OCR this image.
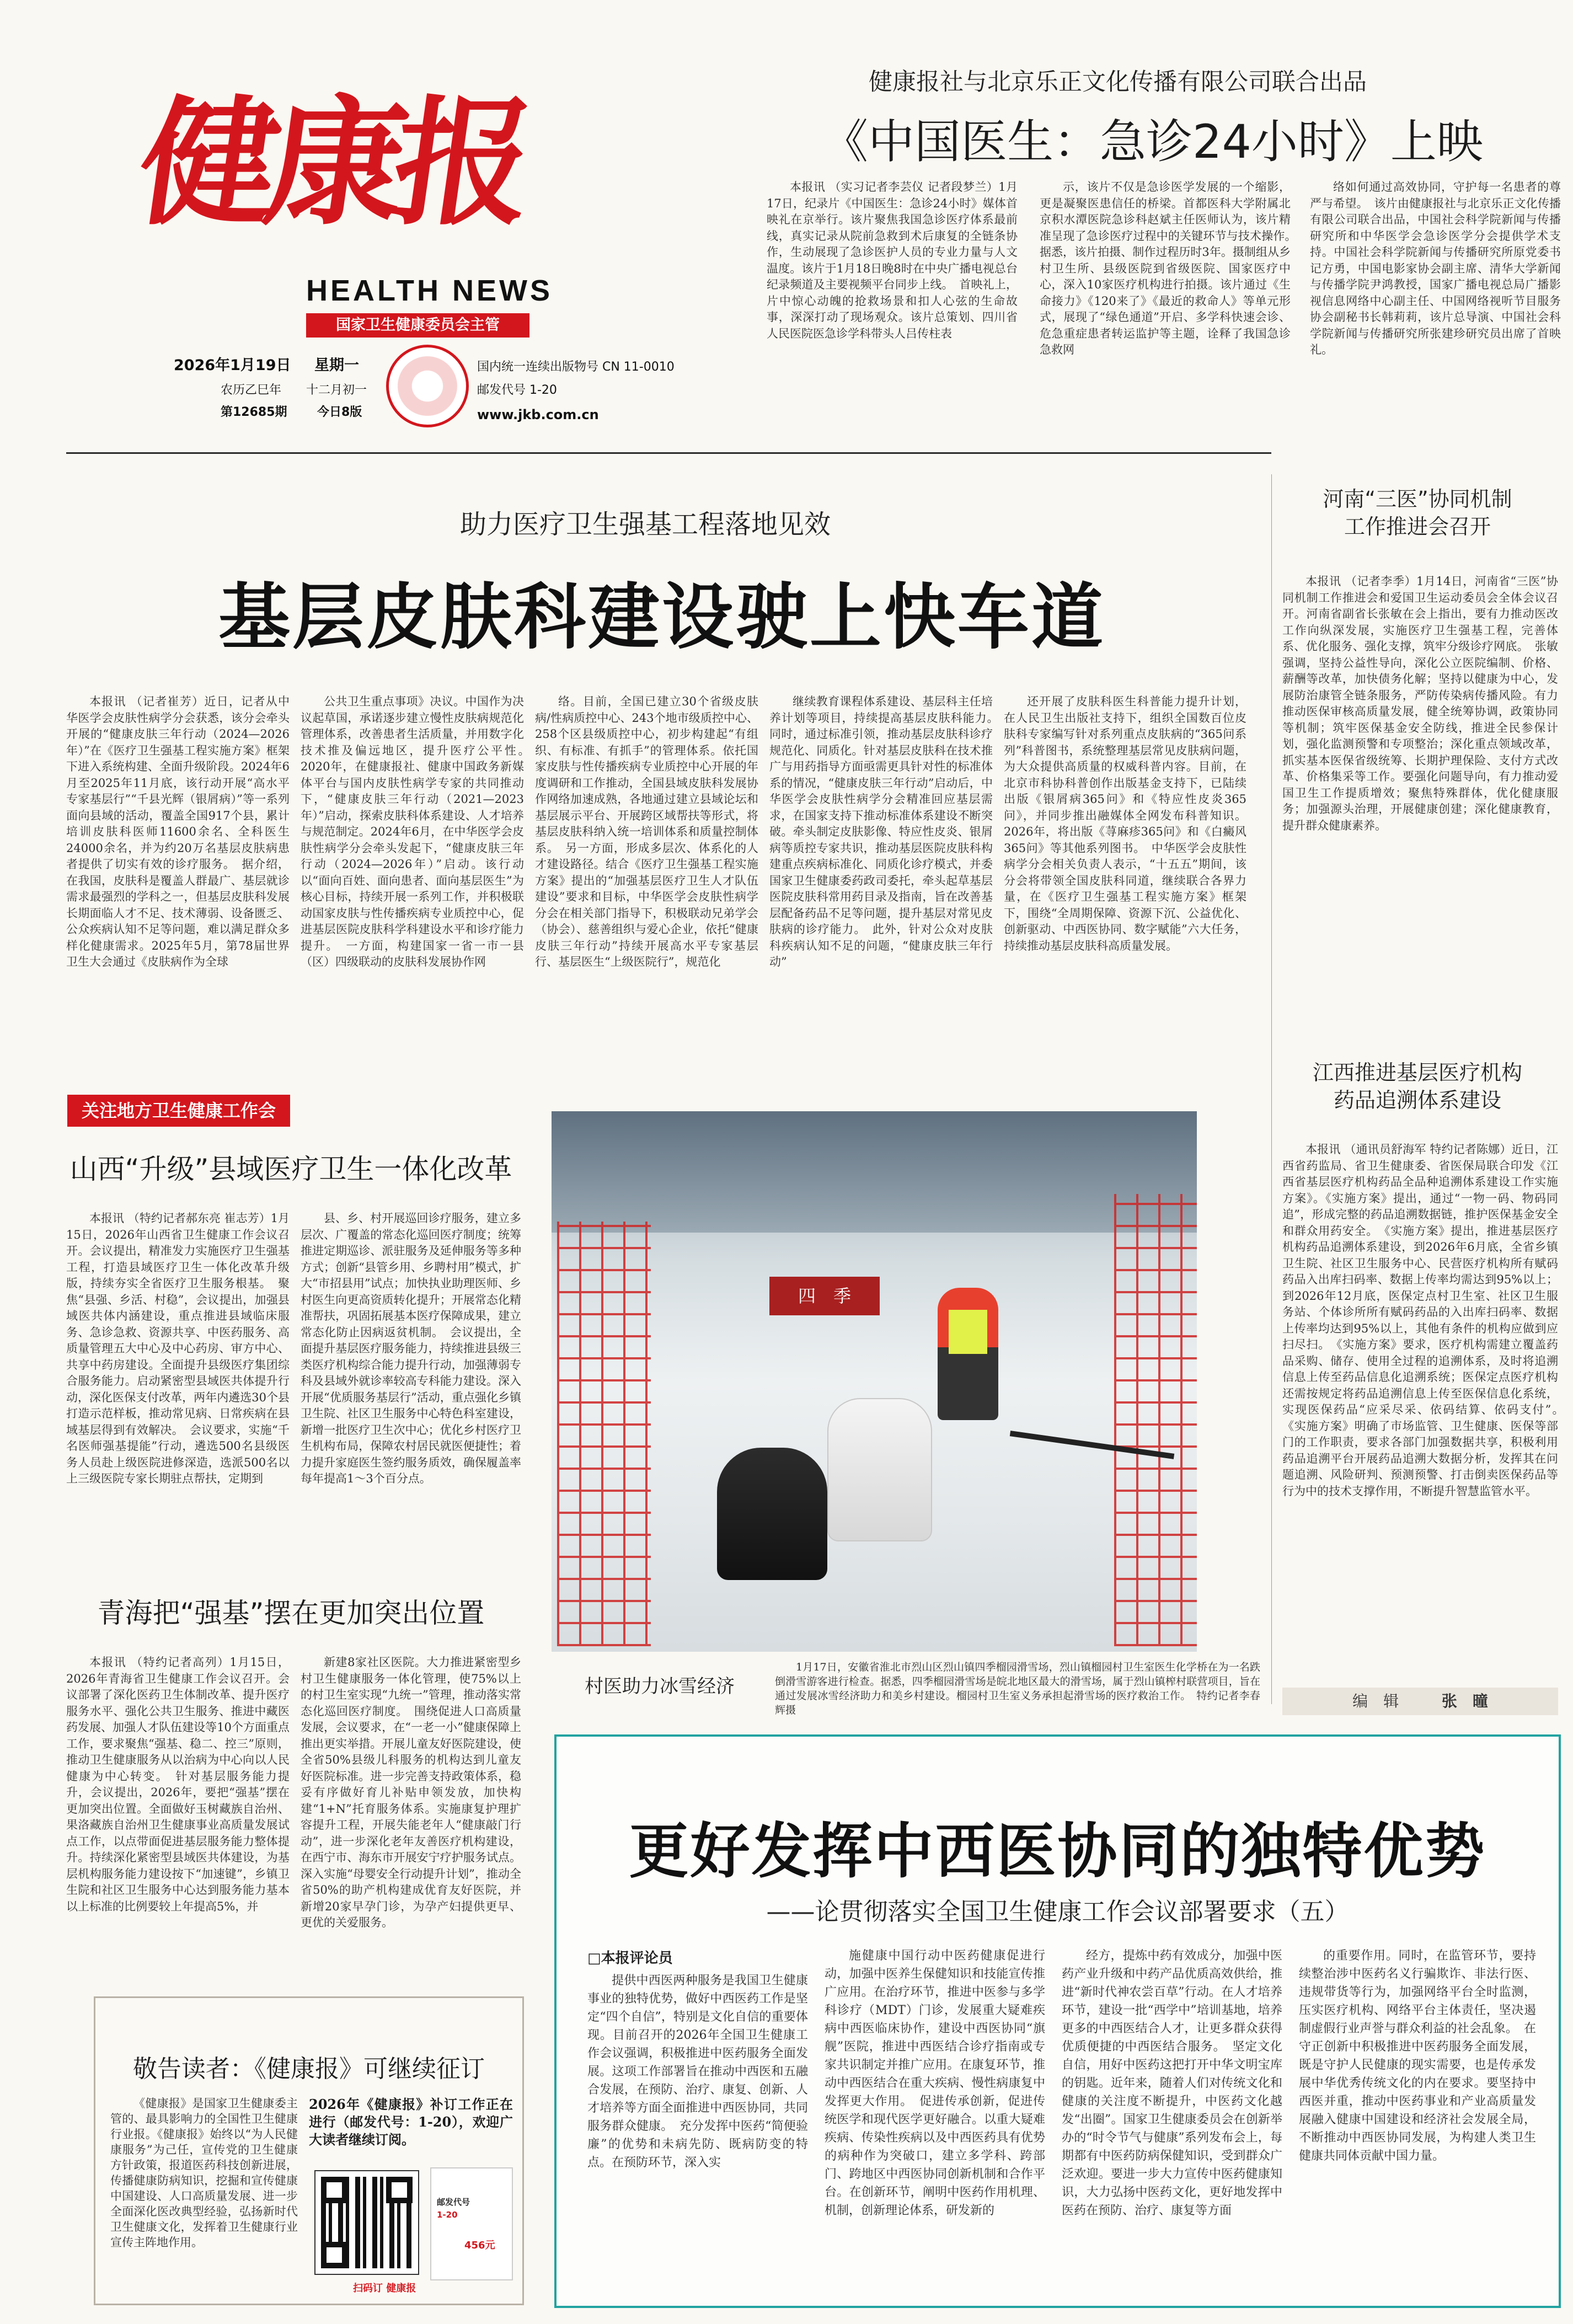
健康报
HEALTH NEWS
国家卫生健康委员会主管
2026年1月19日 星期一
农历乙巳年 十二月初一
第12685期 今日8版
国内统一连续出版物号 CN 11-0010
邮发代号 1-20
www.jkb.com.cn
健康报社与北京乐正文化传播有限公司联合出品
《中国医生：急诊24小时》上映

本报讯 （实习记者李芸仪 记者段梦兰）1月17日，纪录片《中国医生：急诊24小时》媒体首映礼在京举行。该片聚焦我国急诊医疗体系最前线，真实记录从院前急救到术后康复的全链条协作，生动展现了急诊医护人员的专业力量与人文温度。该片于1月18日晚8时在中央广播电视总台纪录频道及主要视频平台同步上线。　首映礼上，片中惊心动魄的抢救场景和扣人心弦的生命故事，深深打动了现场观众。该片总策划、四川省人民医院医急诊学科带头人吕传柱表

示，该片不仅是急诊医学发展的一个缩影，更是凝聚医患信任的桥梁。首都医科大学附属北京积水潭医院急诊科赵斌主任医师认为，该片精准呈现了急诊医疗过程中的关键环节与技术操作。　据悉，该片拍摄、制作过程历时3年。摄制组从乡村卫生所、县级医院到省级医院、国家医疗中心，深入10家医疗机构进行拍摄。该片通过《生命接力》《120来了》《最近的救命人》等单元形式，展现了“绿色通道”开启、多学科快速会诊、危急重症患者转运监护等主题，诠释了我国急诊急救网

络如何通过高效协同，守护每一名患者的尊严与希望。　该片由健康报社与北京乐正文化传播有限公司联合出品，中国社会科学院新闻与传播研究所和中华医学会急诊医学分会提供学术支持。中国社会科学院新闻与传播研究所原党委书记方勇，中国电影家协会副主席、清华大学新闻与传播学院尹鸿教授，国家广播电视总局广播影视信息网络中心副主任、中国网络视听节目服务协会副秘书长韩莉莉，该片总导演、中国社会科学院新闻与传播研究所张建珍研究员出席了首映礼。

助力医疗卫生强基工程落地见效
基层皮肤科建设驶上快车道

本报讯 （记者崔芳）近日，记者从中华医学会皮肤性病学分会获悉，该分会牵头开展的“健康皮肤三年行动（2024—2026年）”在《医疗卫生强基工程实施方案》框架下进入系统构建、全面升级阶段。2024年6月至2025年11月底，该行动开展“高水平专家基层行”“千县光辉（银屑病）”等一系列面向县域的活动，覆盖全国917个县，累计培训皮肤科医师11600余名、全科医生24000余名，并为约20万名基层皮肤病患者提供了切实有效的诊疗服务。　据介绍，在我国，皮肤科是覆盖人群最广、基层就诊需求最强烈的学科之一，但基层皮肤科发展长期面临人才不足、技术薄弱、设备匮乏、公众疾病认知不足等问题，难以满足群众多样化健康需求。2025年5月，第78届世界卫生大会通过《皮肤病作为全球

公共卫生重点事项》决议。中国作为决议起草国，承诺逐步建立慢性皮肤病规范化管理体系，改善患者生活质量，并用数字化技术推及偏远地区，提升医疗公平性。　2020年，在健康报社、健康中国政务新媒体平台与国内皮肤性病学专家的共同推动下，“健康皮肤三年行动（2021—2023年）”启动，探索皮肤科体系建设、人才培养与规范制定。2024年6月，在中华医学会皮肤性病学分会牵头发起下，“健康皮肤三年行动（2024—2026年）”启动。该行动以“面向百姓、面向患者、面向基层医生”为核心目标，持续开展一系列工作，并积极联动国家皮肤与性传播疾病专业质控中心，促进基层医院皮肤科学科建设水平和诊疗能力提升。　一方面，构建国家一省一市一县（区）四级联动的皮肤科发展协作网

络。目前，全国已建立30个省级皮肤病/性病质控中心、243个地市级质控中心、258个区县级质控中心，初步构建起“有组织、有标准、有抓手”的管理体系。依托国家皮肤与性传播疾病专业质控中心开展的年度调研和工作推动，全国县域皮肤科发展协作网络加速成熟，各地通过建立县域论坛和基层展示平台、开展跨区域帮扶等形式，将基层皮肤科纳入统一培训体系和质量控制体系。　另一方面，形成多层次、体系化的人才建设路径。结合《医疗卫生强基工程实施方案》提出的“加强基层医疗卫生人才队伍建设”要求和目标，中华医学会皮肤性病学分会在相关部门指导下，积极联动兄弟学会（协会）、慈善组织与爱心企业，依托“健康皮肤三年行动”持续开展高水平专家基层行、基层医生“上级医院行”，规范化

继续教育课程体系建设、基层科主任培养计划等项目，持续提高基层皮肤科能力。　同时，通过标准引领，推动基层皮肤科诊疗规范化、同质化。针对基层皮肤科在技术推广与用药指导方面亟需更具针对性的标准体系的情况，“健康皮肤三年行动”启动后，中华医学会皮肤性病学分会精准回应基层需求，在国家支持下推动标准体系建设不断突破。牵头制定皮肤影像、特应性皮炎、银屑病等质控专家共识，推动基层医院皮肤科构建重点疾病标准化、同质化诊疗模式，并委国家卫生健康委药政司委托，牵头起草基层医院皮肤科常用药目录及指南，旨在改善基层配备药品不足等问题，提升基层对常见皮肤病的诊疗能力。　此外，针对公众对皮肤科疾病认知不足的问题，“健康皮肤三年行动”

还开展了皮肤科医生科普能力提升计划，在人民卫生出版社支持下，组织全国数百位皮肤科专家编写针对系列重点皮肤病的“365问系列”科普图书，系统整理基层常见皮肤病问题，为大众提供高质量的权威科普内容。目前，在北京市科协科普创作出版基金支持下，已陆续出版《银屑病365问》和《特应性皮炎365问》，并同步推出融媒体全网发布科普知识。2026年，将出版《荨麻疹365问》和《白癜风365问》等其他系列图书。　中华医学会皮肤性病学分会相关负责人表示，“十五五”期间，该分会将带领全国皮肤科同道，继续联合各界力量，在《医疗卫生强基工程实施方案》框架下，围绕“全周期保障、资源下沉、公益优化、创新驱动、中西医协同、数字赋能”六大任务，持续推动基层皮肤科高质量发展。

河南“三医”协同机制
工作推进会召开

本报讯 （记者李季）1月14日，河南省“三医”协同机制工作推进会和爱国卫生运动委员会全体会议召开。河南省副省长张敏在会上指出，要有力推动医改工作向纵深发展，实施医疗卫生强基工程，完善体系、优化服务、强化支撑，筑牢分级诊疗网底。　张敏强调，坚持公益性导向，深化公立医院编制、价格、薪酬等改革，加快债务化解；坚持以健康为中心，发展防治康管全链条服务，严防传染病传播风险。有力推动医保审核高质量发展，健全统筹协调，政策协同等机制；筑牢医保基金安全防线，推进全民参保计划，强化监测预警和专项整治；深化重点领域改革，抓实基本医保省级统筹、长期护理保险、支付方式改革、价格集采等工作。要强化问题导向，有力推动爱国卫生工作提质增效；聚焦特殊群体，优化健康服务；加强源头治理，开展健康创建；深化健康教育，提升群众健康素养。

江西推进基层医疗机构
药品追溯体系建设

本报讯 （通讯员舒海军 特约记者陈娜）近日，江西省药监局、省卫生健康委、省医保局联合印发《江西省基层医疗机构药品全品种追溯体系建设工作实施方案》。《实施方案》提出，通过“一物一码、物码同追”，形成完整的药品追溯数据链，推护医保基金安全和群众用药安全。　《实施方案》提出，推进基层医疗机构药品追溯体系建设，到2026年6月底，全省乡镇卫生院、社区卫生服务中心、民营医疗机构所有赋码药品入出库扫码率、数据上传率均需达到95%以上；到2026年12月底，医保定点村卫生室、社区卫生服务站、个体诊所所有赋码药品的入出库扫码率、数据上传率均达到95%以上，其他有条件的机构应做到应扫尽扫。　《实施方案》要求，医疗机构需建立覆盖药品采购、储存、使用全过程的追溯体系，及时将追溯信息上传至药品信息化追溯系统；医保定点医疗机构还需按规定将药品追溯信息上传至医保信息化系统，实现医保药品“应采尽采、依码结算、依码支付”。　《实施方案》明确了市场监管、卫生健康、医保等部门的工作职责，要求各部门加强数据共享，积极利用药品追溯平台开展药品追溯大数据分析，发挥其在问题追溯、风险研判、预测预警、打击倒卖医保药品等行为中的技术支撑作用，不断提升智慧监管水平。

编　辑	张　曈
关注地方卫生健康工作会
山西“升级”县域医疗卫生一体化改革

本报讯 （特约记者郝东亮 崔志芳）1月15日，2026年山西省卫生健康工作会议召开。会议提出，精准发力实施医疗卫生强基工程，打造县域医疗卫生一体化改革升级版，持续夯实全省医疗卫生服务根基。　聚焦“县强、乡活、村稳”，会议提出，加强县域医共体内涵建设，重点推进县域临床服务、急诊急救、资源共享、中医药服务、高质量管理五大中心及中心药房、审方中心、共享中药房建设。全面提升县级医疗集团综合服务能力。启动紧密型县域医共体提升行动，深化医保支付改革，两年内遴选30个县打造示范样板，推动常见病、日常疾病在县域基层得到有效解决。　会议要求，实施“千名医师强基提能”行动，遴选500名县级医务人员赴上级医院进修深造，选派500名以上三级医院专家长期驻点帮扶，定期到

县、乡、村开展巡回诊疗服务，建立多层次、广覆盖的常态化巡回医疗制度；统筹推进定期巡诊、派驻服务及延伸服务等多种方式；创新“县管乡用、乡聘村用”模式，扩大“市招县用”试点；加快执业助理医师、乡村医生向更高资质转化提升；开展常态化精准帮扶，巩固拓展基本医疗保障成果，建立常态化防止因病返贫机制。　会议提出，全面提升基层医疗服务能力，持续推进县级三类医疗机构综合能力提升行动，加强薄弱专科及县域外就诊率较高专科能力建设。深入开展“优质服务基层行”活动，重点强化乡镇卫生院、社区卫生服务中心特色科室建设，新增一批医疗卫生次中心；优化乡村医疗卫生机构布局，保障农村居民就医便捷性；着力提升家庭医生签约服务质效，确保履盖率每年提高1～3个百分点。

青海把“强基”摆在更加突出位置

本报讯 （特约记者高列）1月15日，2026年青海省卫生健康工作会议召开。会议部署了深化医药卫生体制改革、提升医疗服务水平、强化公共卫生服务、推进中藏医药发展、加强人才队伍建设等10个方面重点工作，要求聚焦“强基、稳二、控三”原则，推动卫生健康服务从以治病为中心向以人民健康为中心转变。　针对基层服务能力提升，会议提出，2026年，要把“强基”摆在更加突出位置。全面做好玉树藏族自治州、果洛藏族自治州卫生健康事业高质量发展试点工作，以点带面促进基层服务能力整体提升。持续深化紧密型县域医共体建设，为基层机构服务能力建设按下“加速键”，乡镇卫生院和社区卫生服务中心达到服务能力基本以上标准的比例要较上年提高5%，并

新建8家社区医院。大力推进紧密型乡村卫生健康服务一体化管理，使75%以上的村卫生室实现“九统一”管理，推动落实常态化巡回医疗制度。　围绕促进人口高质量发展，会议要求，在“一老一小”健康保障上推出更实举措。开展儿童友好医院建设，使全省50%县级儿科服务的机构达到儿童友好医院标准。进一步完善支持政策体系，稳妥有序做好育儿补贴申领发放，加快构建“1+N”托育服务体系。实施康复护理扩容提升工程，开展失能老年人“健康敲门行动”，进一步深化老年友善医疗机构建设，在西宁市、海东市开展安宁疗护服务试点。深入实施“母婴安全行动提升计划”，推动全省50%的助产机构建成优育友好医院，并新增20家早孕门诊，为孕产妇提供更早、更优的关爱服务。

四　季
村医助力冰雪经济

1月17日，安徽省淮北市烈山区烈山镇四季榴园滑雪场，烈山镇榴园村卫生室医生化学桥在为一名跌倒滑雪游客进行检查。据悉，四季榴园滑雪场是皖北地区最大的滑雪场，属于烈山镇榨村联营项目，旨在通过发展冰雪经济助力和美乡村建设。榴园村卫生室义务承担起滑雪场的医疗救治工作。　特约记者李春辉摄

更好发挥中西医协同的独特优势
——论贯彻落实全国卫生健康工作会议部署要求（五）
□本报评论员

提供中西医两种服务是我国卫生健康事业的独特优势，做好中西医药工作是坚定“四个自信”，特别是文化自信的重要体现。目前召开的2026年全国卫生健康工作会议强调，积极推进中医药服务全面发展。这项工作部署旨在推动中西医和五融合发展，在预防、治疗、康复、创新、人才培养等方面全面推进中西医协同，共同服务群众健康。　充分发挥中医药“简便验廉”的优势和未病先防、既病防变的特点。在预防环节，深入实

施健康中国行动中医药健康促进行动，加强中医养生保健知识和技能宣传推广应用。在治疗环节，推进中医参与多学科诊疗（MDT）门诊，发展重大疑难疾病中西医临床协作，建设中西医协同“旗舰”医院，推进中西医结合诊疗指南或专家共识制定并推广应用。在康复环节，推动中西医结合在重大疾病、慢性病康复中发挥更大作用。　促进传承创新，促进传统医学和现代医学更好融合。以重大疑难疾病、传染性疾病以及中西医药具有优势的病种作为突破口，建立多学科、跨部门、跨地区中西医协同创新机制和合作平台。在创新环节，阐明中医药作用机理、机制，创新理论体系，研发新的

经方，提炼中药有效成分，加强中医药产业升级和中药产品优质高效供给，推进“新时代神农尝百草”行动。在人才培养环节，建设一批“西学中”培训基地，培养更多的中西医结合人才，让更多群众获得优质便捷的中西医结合服务。　坚定文化自信，用好中医药这把打开中华文明宝库的钥匙。近年来，随着人们对传统文化和健康的关注度不断提升，中医药文化越发“出圈”。国家卫生健康委员会在创新举办的“时令节气与健康”系列发布会上，每期都有中医药防病保健知识，受到群众广泛欢迎。要进一步大力宣传中医药健康知识，大力弘扬中医药文化，更好地发挥中医药在预防、治疗、康复等方面

的重要作用。同时，在监管环节，要持续整治涉中医药名义行骗欺诈、非法行医、违规带货等行为，加强网络平台全时监测，压实医疗机构、网络平台主体责任，坚决遏制虚假行业声誉与群众利益的社会乱象。　在守正创新中积极推进中医药服务全面发展，既是守护人民健康的现实需要，也是传承发展中华优秀传统文化的内在要求。要坚持中西医并重，推动中医药事业和产业高质量发展融入健康中国建设和经济社会发展全局，不断推动中西医协同发展，为构建人类卫生健康共同体贡献中国力量。

敬告读者：《健康报》可继续征订

《健康报》是国家卫生健康委主管的、最具影响力的全国性卫生健康行业报。《健康报》始终以“为人民健康服务”为己任，宣传党的卫生健康方针政策，报道医药科技创新进展，传播健康防病知识，挖掘和宣传健康中国建设、人口高质量发展、进一步全面深化医改典型经验，弘扬新时代卫生健康文化，发挥着卫生健康行业宣传主阵地作用。

2026年《健康报》补订工作正在进行（邮发代号：1-20），欢迎广大读者继续订阅。

邮发代号
1-20
456元
扫码订 健康报
